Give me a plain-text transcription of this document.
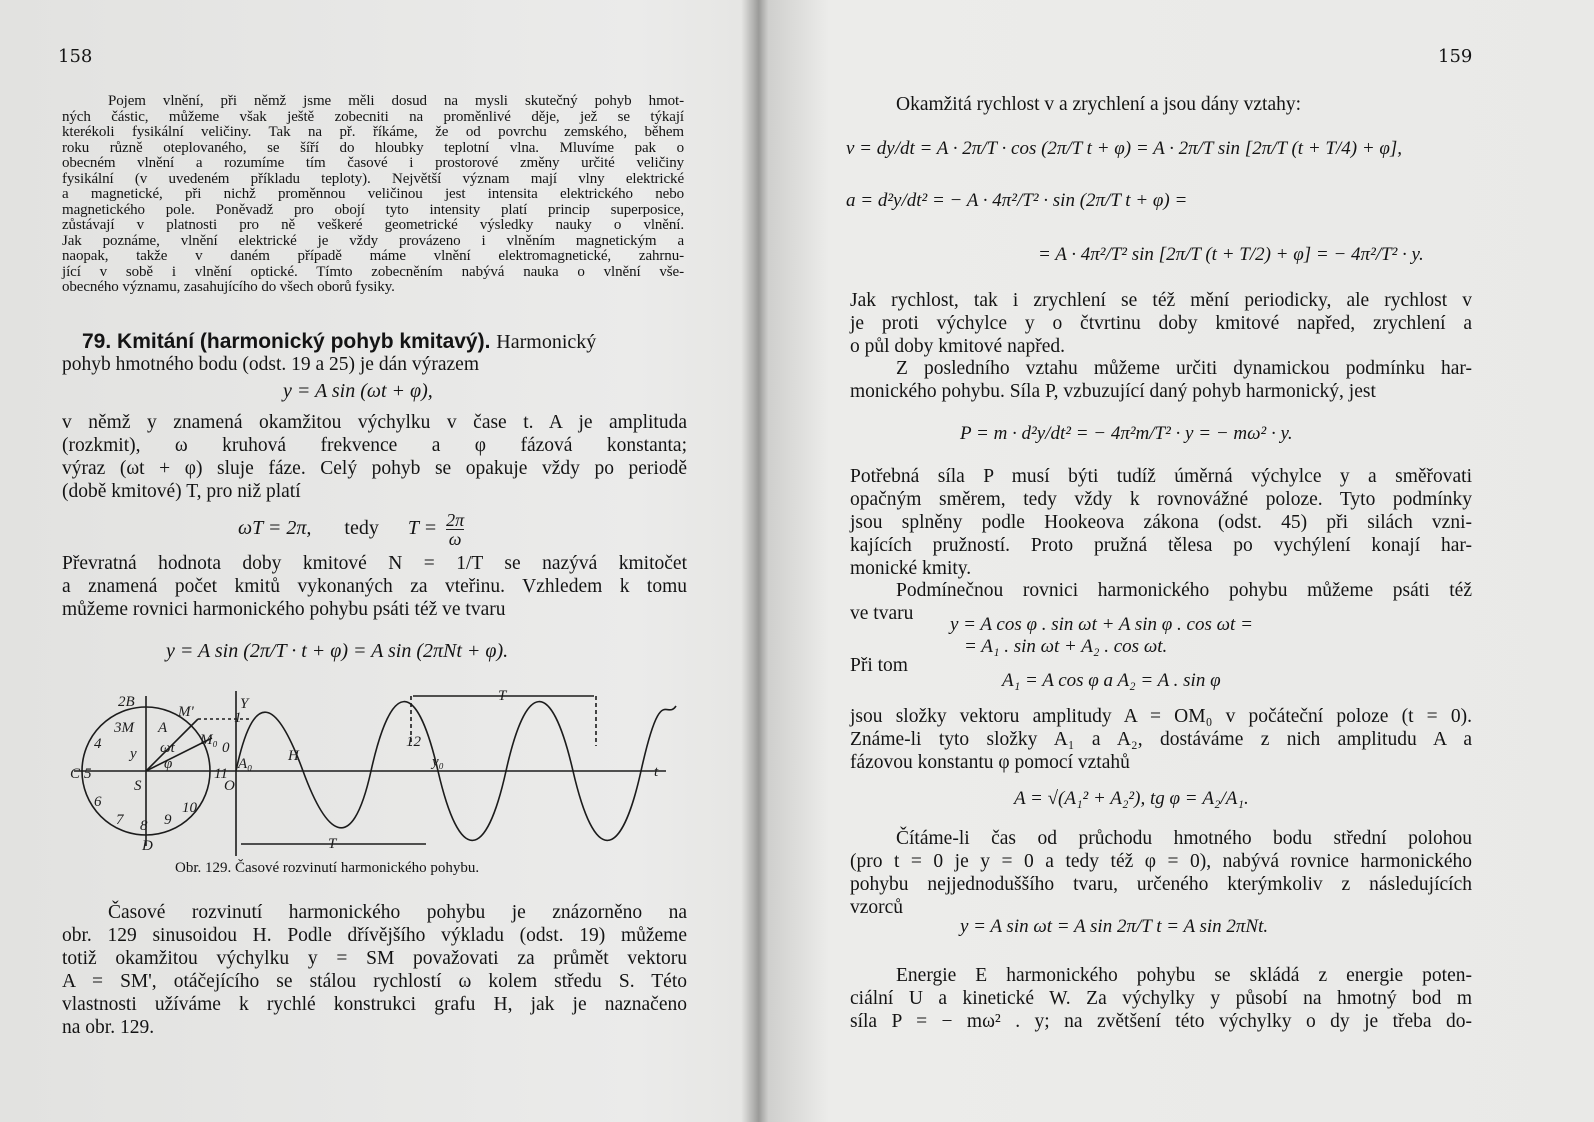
158
Pojem vlnění, při němž jsme měli dosud na mysli skutečný pohyb hmot-
ných částic, můžeme však ještě zobecniti na proměnlivé děje, jež se týkají
kterékoli fysikální veličiny. Tak na př. říkáme, že od povrchu zemského, během
roku různě oteplovaného, se šíří do hloubky teplotní vlna. Mluvíme pak o
obecném vlnění a rozumíme tím časové i prostorové změny určité veličiny
fysikální (v uvedeném příkladu teploty). Největší význam mají vlny elektrické
a magnetické, při nichž proměnnou veličinou jest intensita elektrického nebo
magnetického pole. Poněvadž pro obojí tyto intensity platí princip superposice,
zůstávají v platnosti pro ně veškeré geometrické výsledky nauky o vlnění.
Jak poznáme, vlnění elektrické je vždy provázeno i vlněním magnetickým a
naopak, takže v daném případě máme vlnění elektromagnetické, zahrnu-
jící v sobě i vlnění optické. Tímto zobecněním nabývá nauka o vlnění vše-
obecného významu, zasahujícího do všech oborů fysiky.
79. Kmitání (harmonický pohyb kmitavý). Harmonický
pohyb hmotného bodu (odst. 19 a 25) je dán výrazem
y = A sin (ωt + φ),
v němž y znamená okamžitou výchylku v čase t. A je amplituda
(rozkmit), ω kruhová frekvence a φ fázová konstanta;
výraz (ωt + φ) sluje fáze. Celý pohyb se opakuje vždy po periodě
(době kmitové) T, pro niž platí
ωT = 2π, tedy $T = \frac{2\pi}{\omega}$
Převratná hodnota doby kmitové N = 1/T se nazývá kmitočet
a znamená počet kmitů vykonaných za vteřinu. Vzhledem k tomu
můžeme rovnici harmonického pohybu psáti též ve tvaru
y = A sin (2π/T · t + φ) = A sin (2πNt + φ).
2B
M'
3M A
ωt
φ
M₀
4
y
C 5
S
11
A₀
6	10
7 8 9
D
O
Y
H	y₀
t
T
T
12
1
0
Obr. 129. Časové rozvinutí harmonického pohybu.
Časové rozvinutí harmonického pohybu je znázorněno na
obr. 129 sinusoidou H. Podle dřívějšího výkladu (odst. 19) můžeme
totiž okamžitou výchylku y = SM považovati za průmět vektoru
A = SM', otáčejícího se stálou rychlostí ω kolem středu S. Této
vlastnosti užíváme k rychlé konstrukci grafu H, jak je naznačeno
na obr. 129.
159
Okamžitá rychlost v a zrychlení a jsou dány vztahy:
v = dy/dt = A · 2π/T · cos (2π/T t + φ) = A · 2π/T sin [2π/T (t + T/4) + φ],
a = d²y/dt² = − A · 4π²/T² · sin (2π/T t + φ) =
= A · 4π²/T² sin [2π/T (t + T/2) + φ] = − 4π²/T² · y.
Jak rychlost, tak i zrychlení se též mění periodicky, ale rychlost v
je proti výchylce y o čtvrtinu doby kmitové napřed, zrychlení a
o půl doby kmitové napřed.
Z posledního vztahu můžeme určiti dynamickou podmínku har-
monického pohybu. Síla P, vzbuzující daný pohyb harmonický, jest
P = m · d²y/dt² = − 4π²m/T² · y = − mω² · y.
Potřebná síla P musí býti tudíž úměrná výchylce y a směřovati
opačným směrem, tedy vždy k rovnovážné poloze. Tyto podmínky
jsou splněny podle Hookeova zákona (odst. 45) při silách vzni-
kajících pružností. Proto pružná tělesa po vychýlení konají har-
monické kmity.
Podmínečnou rovnici harmonického pohybu můžeme psáti též
ve tvaru
y = A cos φ . sin ωt + A sin φ . cos ωt =
= A₁ . sin ωt + A₂ . cos ωt.
Při tom
A₁ = A cos φ a A₂ = A . sin φ
jsou složky vektoru amplitudy A = OM₀ v počáteční poloze (t = 0).
Známe-li tyto složky A₁ a A₂, dostáváme z nich amplitudu A a
fázovou konstantu φ pomocí vztahů
A = √(A₁² + A₂²), tg φ = A₂/A₁.
Čítáme-li čas od průchodu hmotného bodu střední polohou
(pro t = 0 je y = 0 a tedy též φ = 0), nabývá rovnice harmonického
pohybu nejjednoduššího tvaru, určeného kterýmkoliv z následujících
vzorců
y = A sin ωt = A sin 2π/T t = A sin 2πNt.
Energie E harmonického pohybu se skládá z energie poten-
ciální U a kinetické W. Za výchylky y působí na hmotný bod m
síla P = − mω² . y; na zvětšení této výchylky o dy je třeba do-
